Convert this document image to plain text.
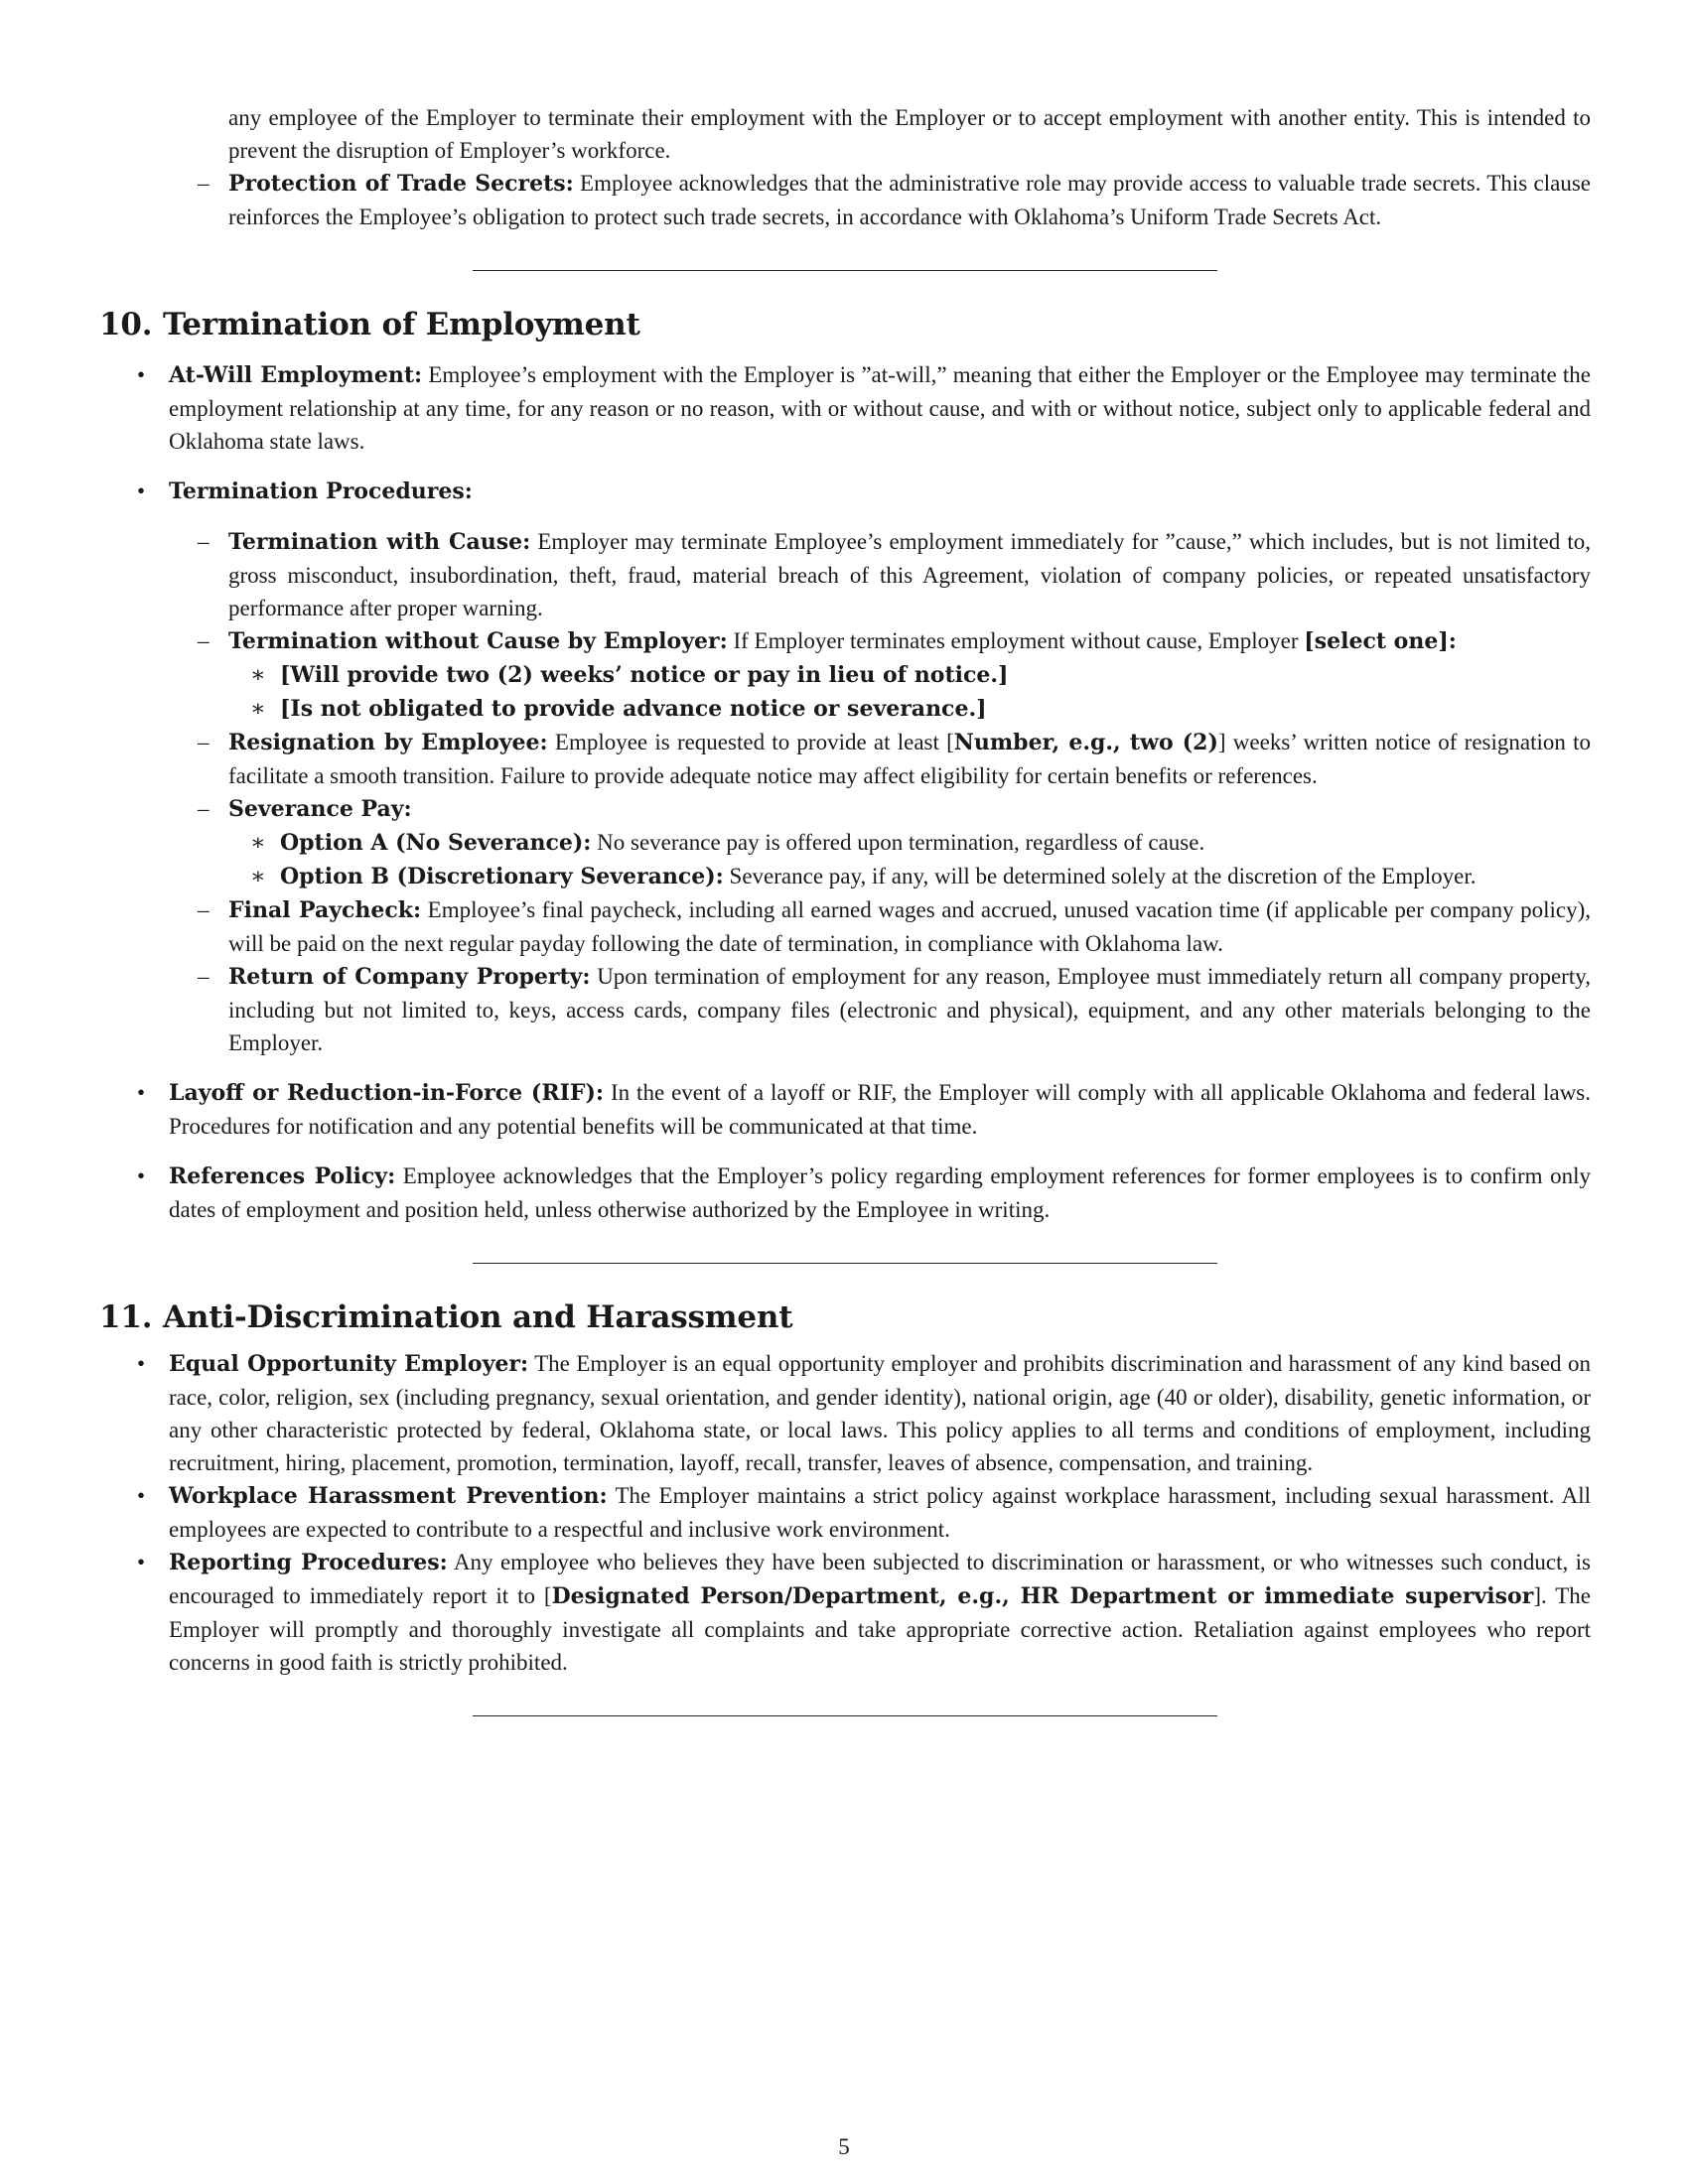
any employee of the Employer to terminate their employment with the Employer or to accept employment with another entity. This is intended to prevent the disruption of Employer’s workforce.

– Protection of Trade Secrets: Employee acknowledges that the administrative role may provide access to valuable trade secrets. This clause reinforces the Employee’s obligation to protect such trade secrets, in accordance with Oklahoma’s Uniform Trade Secrets Act.

10. Termination of Employment
• At-Will Employment: Employee’s employment with the Employer is ”at-will,” meaning that either the Employer or the Employee may terminate the employment relationship at any time, for any reason or no reason, with or without cause, and with or without notice, subject only to applicable federal and Oklahoma state laws.

• Termination Procedures:

– Termination with Cause: Employer may terminate Employee’s employment immediately for ”cause,” which includes, but is not limited to, gross misconduct, insubordination, theft, fraud, material breach of this Agreement, violation of company policies, or repeated unsatisfactory performance after proper warning.

– Termination without Cause by Employer: If Employer terminates employment without cause, Employer [select one]:

∗ [Will provide two (2) weeks’ notice or pay in lieu of notice.]

∗ [Is not obligated to provide advance notice or severance.]

– Resignation by Employee: Employee is requested to provide at least [Number, e.g., two (2)] weeks’ written notice of resignation to facilitate a smooth transition. Failure to provide adequate notice may affect eligibility for certain benefits or references.

– Severance Pay:

∗ Option A (No Severance): No severance pay is offered upon termination, regardless of cause.

∗ Option B (Discretionary Severance): Severance pay, if any, will be determined solely at the discretion of the Employer.

– Final Paycheck: Employee’s final paycheck, including all earned wages and accrued, unused vacation time (if applicable per company policy), will be paid on the next regular payday following the date of termination, in compliance with Oklahoma law.

– Return of Company Property: Upon termination of employment for any reason, Employee must immediately return all company property, including but not limited to, keys, access cards, company files (electronic and physical), equipment, and any other materials belonging to the Employer.

• Layoff or Reduction-in-Force (RIF): In the event of a layoff or RIF, the Employer will comply with all applicable Oklahoma and federal laws. Procedures for notification and any potential benefits will be communicated at that time.

• References Policy: Employee acknowledges that the Employer’s policy regarding employment references for former employees is to confirm only dates of employment and position held, unless otherwise authorized by the Employee in writing.

11. Anti-Discrimination and Harassment
• Equal Opportunity Employer: The Employer is an equal opportunity employer and prohibits discrimination and harassment of any kind based on race, color, religion, sex (including pregnancy, sexual orientation, and gender identity), national origin, age (40 or older), disability, genetic information, or any other characteristic protected by federal, Oklahoma state, or local laws. This policy applies to all terms and conditions of employment, including recruitment, hiring, placement, promotion, termination, layoff, recall, transfer, leaves of absence, compensation, and training.

• Workplace Harassment Prevention: The Employer maintains a strict policy against workplace harassment, including sexual harassment. All employees are expected to contribute to a respectful and inclusive work environment.

• Reporting Procedures: Any employee who believes they have been subjected to discrimination or harassment, or who witnesses such conduct, is encouraged to immediately report it to [Designated Person/Department, e.g., HR Department or immediate supervisor]. The Employer will promptly and thoroughly investigate all complaints and take appropriate corrective action. Retaliation against employees who report concerns in good faith is strictly prohibited.

5
